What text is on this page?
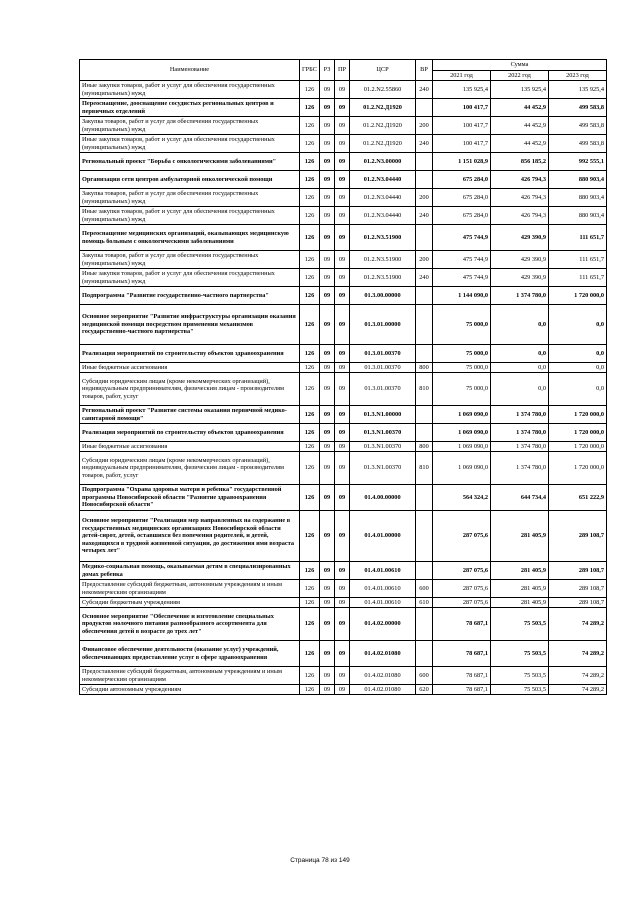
Наименование	ГРБС	РЗ	ПР	ЦСР	ВР	Сумма		
						2021 год	2022 год	2023 год
Иные закупки товаров, работ и услуг для обеспечения государственных (муниципальных) нужд	126	09	09	01.2.N2.55860	240	135 925,4	135 925,4	135 925,4
Переоснащение, дооснащение сосудистых региональных центров и первичных отделений	126	09	09	01.2.N2.Д1920		100 417,7	44 452,9	499 583,8
Закупка товаров, работ и услуг для обеспечения государственных (муниципальных) нужд	126	09	09	01.2.N2.Д1920	200	100 417,7	44 452,9	499 583,8
Иные закупки товаров, работ и услуг для обеспечения государственных (муниципальных) нужд	126	09	09	01.2.N2.Д1920	240	100 417,7	44 452,9	499 583,8
Региональный проект "Борьба с онкологическими заболеваниями"	126	09	09	01.2.N3.00000		1 151 028,9	856 185,2	992 555,1
Организация сети центров амбулаторной онкологической помощи	126	09	09	01.2.N3.04440		675 284,0	426 794,3	880 903,4
Закупка товаров, работ и услуг для обеспечения государственных (муниципальных) нужд	126	09	09	01.2.N3.04440	200	675 284,0	426 794,3	880 903,4
Иные закупки товаров, работ и услуг для обеспечения государственных (муниципальных) нужд	126	09	09	01.2.N3.04440	240	675 284,0	426 794,3	880 903,4
Переоснащение медицинских организаций, оказывающих медицинскую помощь больным с онкологическими заболеваниями	126	09	09	01.2.N3.51900		475 744,9	429 390,9	111 651,7
Закупка товаров, работ и услуг для обеспечения государственных (муниципальных) нужд	126	09	09	01.2.N3.51900	200	475 744,9	429 390,9	111 651,7
Иные закупки товаров, работ и услуг для обеспечения государственных (муниципальных) нужд	126	09	09	01.2.N3.51900	240	475 744,9	429 390,9	111 651,7
Подпрограмма "Развитие государственно-частного партнерства"	126	09	09	01.3.00.00000		1 144 090,0	1 374 780,0	1 720 000,0
Основное мероприятие "Развитие инфраструктуры организации оказания медицинской помощи посредством применения механизмов государственно-частного партнерства"	126	09	09	01.3.01.00000		75 000,0	0,0	0,0
Реализация мероприятий по строительству объектов здравоохранения	126	09	09	01.3.01.00370		75 000,0	0,0	0,0
Иные бюджетные ассигнования	126	09	09	01.3.01.00370	800	75 000,0	0,0	0,0
Субсидии юридическим лицам (кроме некоммерческих организаций), индивидуальным предпринимателям, физическим лицам - производителям товаров, работ, услуг	126	09	09	01.3.01.00370	810	75 000,0	0,0	0,0
Региональный проект "Развитие системы оказания первичной медико-санитарной помощи"	126	09	09	01.3.N1.00000		1 069 090,0	1 374 780,0	1 720 000,0
Реализация мероприятий по строительству объектов здравоохранения	126	09	09	01.3.N1.00370		1 069 090,0	1 374 780,0	1 720 000,0
Иные бюджетные ассигнования	126	09	09	01.3.N1.00370	800	1 069 090,0	1 374 780,0	1 720 000,0
Субсидии юридическим лицам (кроме некоммерческих организаций), индивидуальным предпринимателям, физическим лицам - производителям товаров, работ, услуг	126	09	09	01.3.N1.00370	810	1 069 090,0	1 374 780,0	1 720 000,0
Подпрограмма "Охрана здоровья матери и ребенка" государственной программы Новосибирской области "Развитие здравоохранения Новосибирской области"	126	09	09	01.4.00.00000		564 324,2	644 734,4	651 222,9
Основное мероприятие "Реализация мер направленных на содержание в государственных медицинских организациях Новосибирской области детей-сирот, детей, оставшихся без попечения родителей, и детей, находящихся в трудной жизненной ситуации, до достижения ими возраста четырех лет"	126	09	09	01.4.01.00000		287 075,6	281 405,9	289 108,7
Медико-социальная помощь, оказываемая детям в специализированных домах ребенка	126	09	09	01.4.01.00610		287 075,6	281 405,9	289 108,7
Предоставление субсидий бюджетным, автономным учреждениям и иным некоммерческим организациям	126	09	09	01.4.01.00610	600	287 075,6	281 405,9	289 108,7
Субсидии бюджетным учреждениям	126	09	09	01.4.01.00610	610	287 075,6	281 405,9	289 108,7
Основное мероприятие "Обеспечение и изготовление специальных продуктов молочного питания разнообразного ассортимента для обеспечения детей в возрасте до трех лет"	126	09	09	01.4.02.00000		78 687,1	75 503,5	74 289,2
Финансовое обеспечение деятельности (оказание услуг) учреждений, обеспечивающих предоставление услуг в сфере здравоохранения	126	09	09	01.4.02.01080		78 687,1	75 503,5	74 289,2
Предоставление субсидий бюджетным, автономным учреждениям и иным некоммерческим организациям	126	09	09	01.4.02.01080	600	78 687,1	75 503,5	74 289,2
Субсидии автономным учреждениям	126	09	09	01.4.02.01080	620	78 687,1	75 503,5	74 289,2
Страница 78 из 149
